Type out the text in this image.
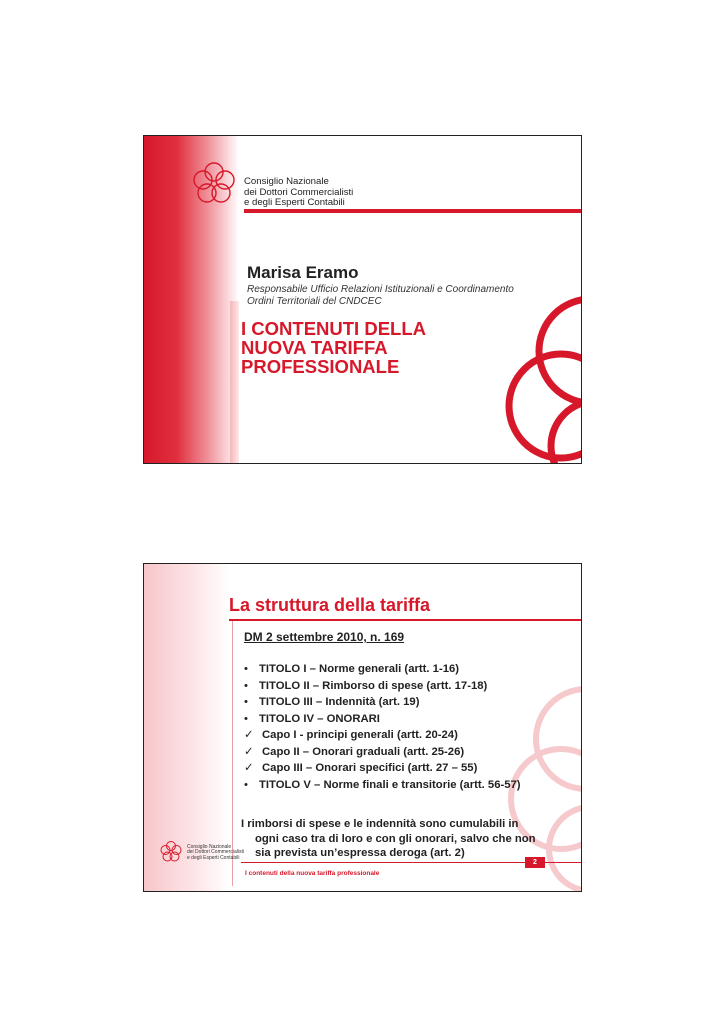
Consiglio Nazionale
dei Dottori Commercialisti
e degli Esperti Contabili
Marisa Eramo
Responsabile Ufficio Relazioni Istituzionali e Coordinamento
Ordini Territoriali del CNDCEC
I CONTENUTI DELLA
NUOVA TARIFFA
PROFESSIONALE
La struttura della tariffa
DM 2 settembre 2010, n. 169
• TITOLO I – Norme generali (artt. 1-16)
• TITOLO II – Rimborso di spese (artt. 17-18)
• TITOLO III – Indennità (art. 19)
• TITOLO IV – ONORARI
✓ Capo I - principi generali (artt. 20-24)
✓ Capo II – Onorari graduali (artt. 25-26)
✓ Capo III – Onorari specifici (artt. 27 – 55)
• TITOLO V – Norme finali e transitorie (artt. 56-57)
I rimborsi di spese e le indennità sono cumulabili in
ogni caso tra di loro e con gli onorari, salvo che non
sia prevista un’espressa deroga (art. 2)
Consiglio Nazionale
dei Dottori Commercialisti
e degli Esperti Contabili
2
I contenuti della nuova tariffa professionale
